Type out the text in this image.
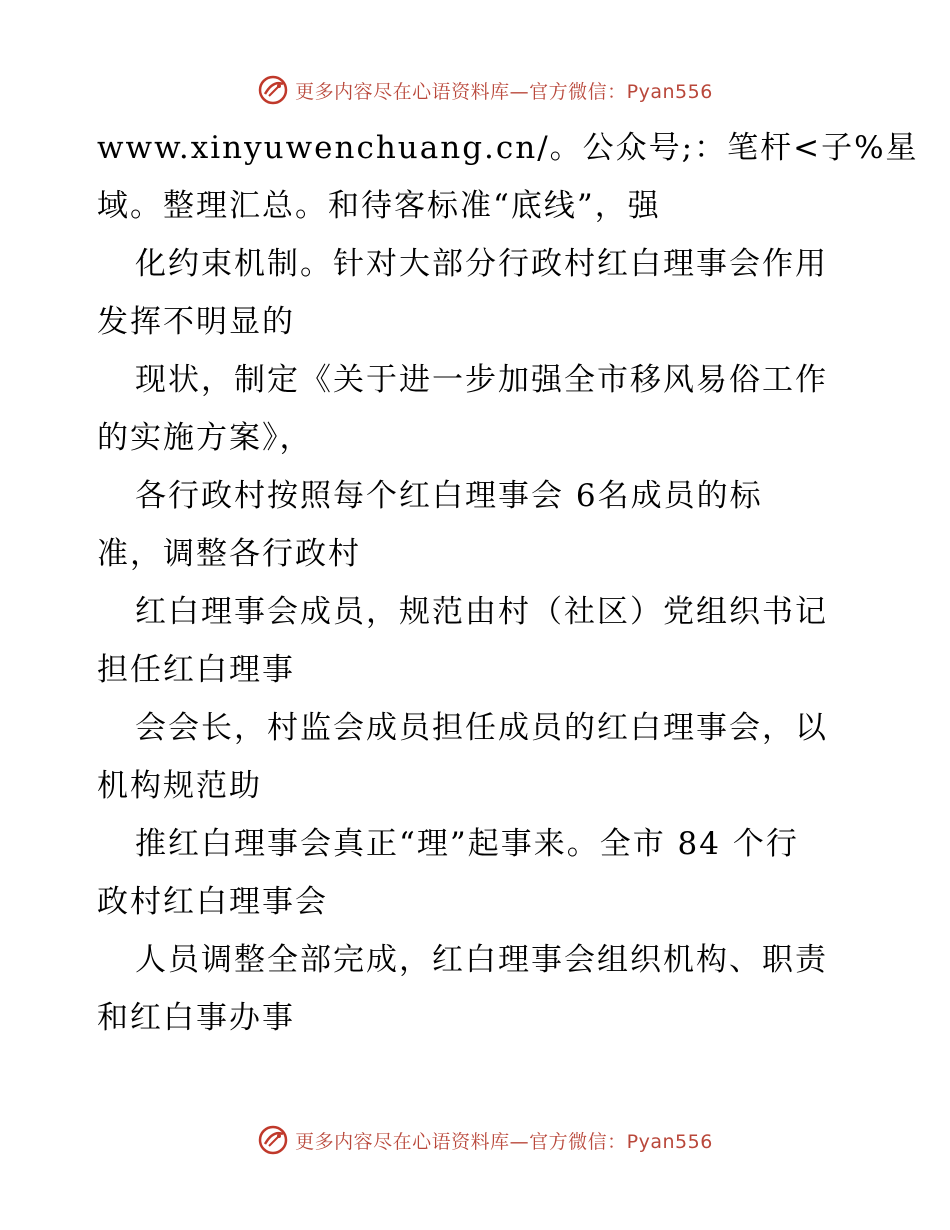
更多内容尽在心语资料库—官方微信：Pyan556
www.xinyuwenchuang.cn/。公众号;：笔杆<子%星
域。整理汇总。和待客标准“底线”，强
化约束机制。针对大部分行政村红白理事会作用
发挥不明显的
现状，制定《关于进一步加强全市移风易俗工作
的实施方案》，
各行政村按照每个红白理事会 6名成员的标
准，调整各行政村
红白理事会成员，规范由村（社区）党组织书记
担任红白理事
会会长，村监会成员担任成员的红白理事会，以
机构规范助
推红白理事会真正“理”起事来。全市 84 个行
政村红白理事会
人员调整全部完成，红白理事会组织机构、职责
和红白事办事
更多内容尽在心语资料库—官方微信：Pyan556
